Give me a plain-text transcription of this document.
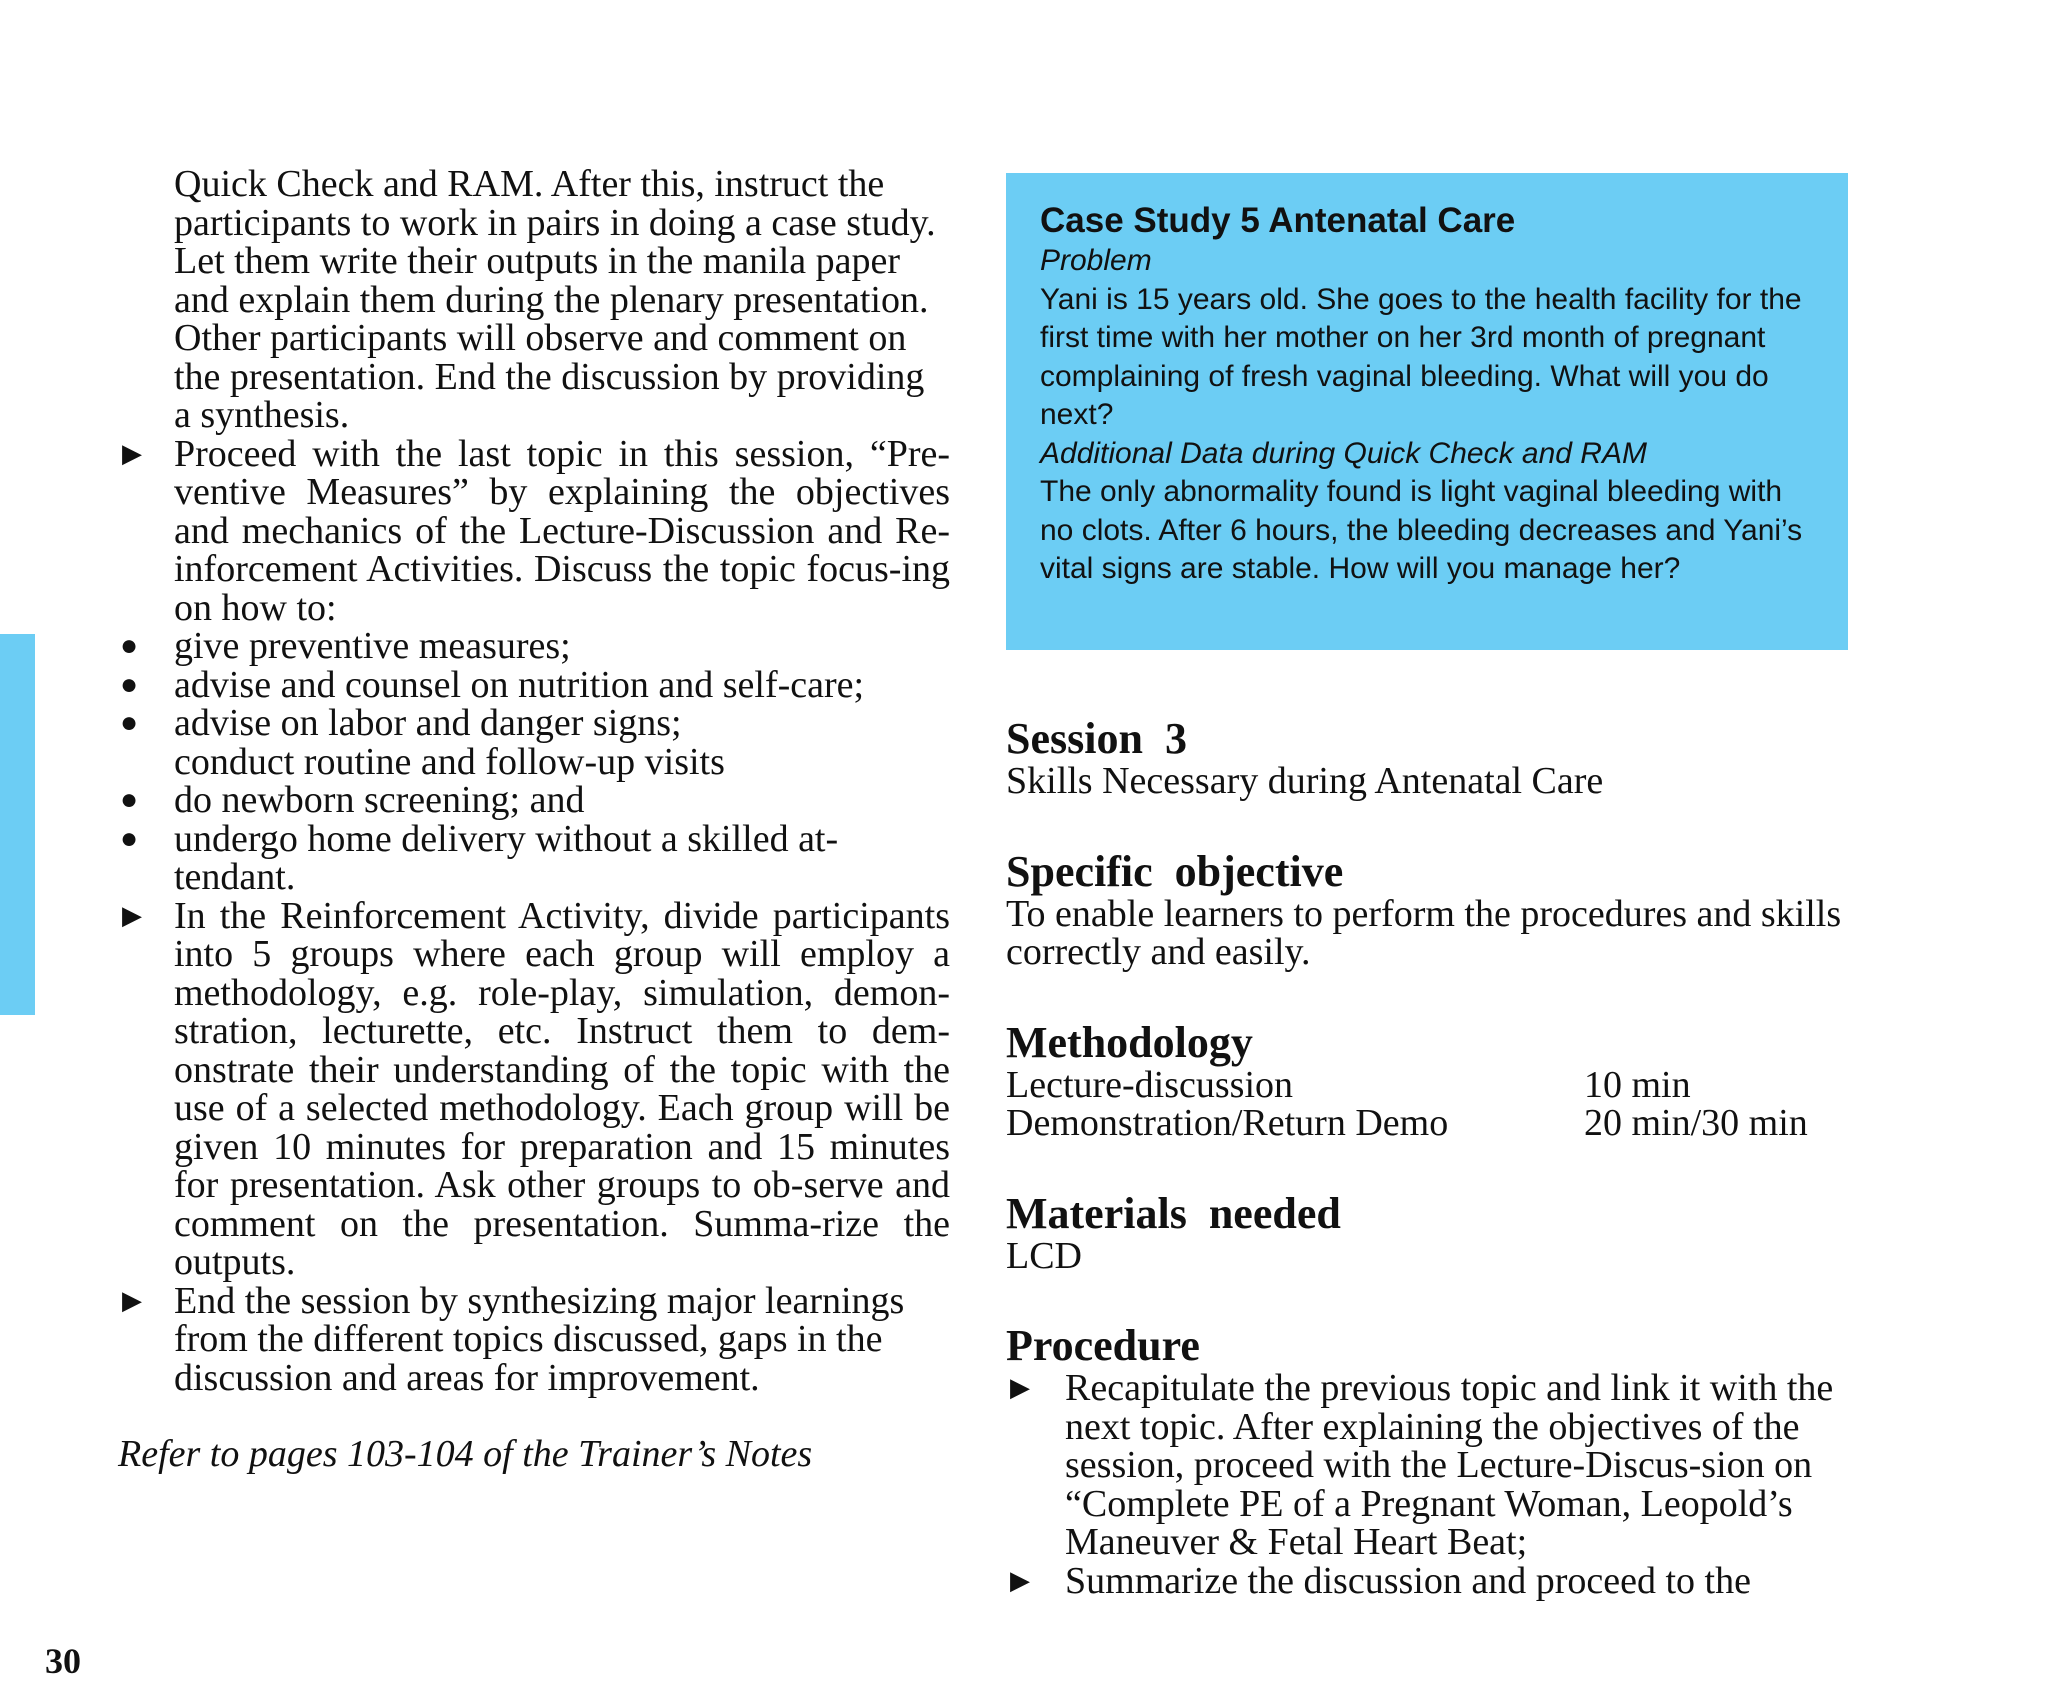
Quick Check and RAM. After this, instruct the participants to work in pairs in doing a case study. Let them write their outputs in the manila paper and explain them during the plenary presentation. Other participants will observe and comment on the presentation. End the discussion by providing a synthesis.

▶ Proceed with the last topic in this session, “Pre-ventive Measures” by explaining the objectives and mechanics of the Lecture-Discussion and Re-inforcement Activities. Discuss the topic focus-ing on how to:

● give preventive measures;
● advise and counsel on nutrition and self-care;
● advise on labor and danger signs;
conduct routine and follow-up visits
● do newborn screening; and
● undergo home delivery without a skilled at-tendant.
▶ In the Reinforcement Activity, divide participants into 5 groups where each group will employ a methodology, e.g. role-play, simulation, demon-stration, lecturette, etc. Instruct them to dem-onstrate their understanding of the topic with the use of a selected methodology. Each group will be given 10 minutes for preparation and 15 minutes for presentation. Ask other groups to ob-serve and comment on the presentation. Summa-rize the outputs.

▶ End the session by synthesizing major learnings from the different topics discussed, gaps in the discussion and areas for improvement.

Refer to pages 103-104 of the Trainer’s Notes

Case Study 5 Antenatal Care

Problem

Yani is 15 years old. She goes to the health facility for the first time with her mother on her 3rd month of pregnant complaining of fresh vaginal bleeding. What will you do next?

Additional Data during Quick Check and RAM

The only abnormality found is light vaginal bleeding with no clots. After 6 hours, the bleeding decreases and Yani’s vital signs are stable. How will you manage her?

Session  3

Skills Necessary during Antenatal Care

Specific  objective

To enable learners to perform the procedures and skills correctly and easily.

Methodology

Lecture-discussion	10 min
Demonstration/Return Demo	20 min/30 min

Materials  needed

LCD

Procedure

▶ Recapitulate the previous topic and link it with the next topic. After explaining the objectives of the session, proceed with the Lecture-Discus-sion on “Complete PE of a Pregnant Woman, Leopold’s Maneuver & Fetal Heart Beat;

▶ Summarize the discussion and proceed to the

30
